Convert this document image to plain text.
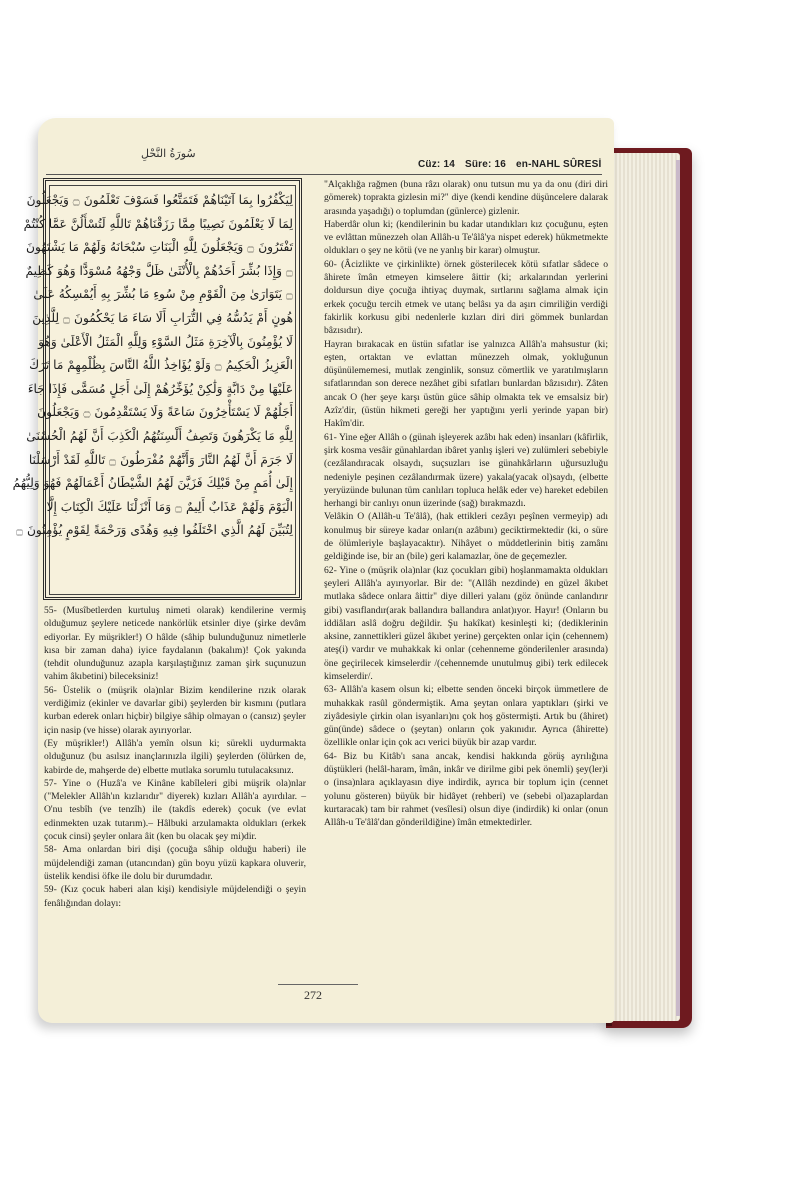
سُورَةُ النَّحْلِ
Cüz: 14 Süre: 16 en-NAHL SÛRESİ
لِيَكْفُرُوا بِمَا آتَيْنَاهُمْ فَتَمَتَّعُوا فَسَوْفَ تَعْلَمُونَ ۝ وَيَجْعَلُونَ
لِمَا لَا يَعْلَمُونَ نَصِيبًا مِمَّا رَزَقْنَاهُمْ تَاللَّهِ لَتُسْأَلُنَّ عَمَّا كُنْتُمْ
تَفْتَرُونَ ۝ وَيَجْعَلُونَ لِلَّهِ الْبَنَاتِ سُبْحَانَهُ وَلَهُمْ مَا يَشْتَهُونَ
۝ وَإِذَا بُشِّرَ أَحَدُهُمْ بِالْأُنْثَىٰ ظَلَّ وَجْهُهُ مُسْوَدًّا وَهُوَ كَظِيمٌ
۝ يَتَوَارَىٰ مِنَ الْقَوْمِ مِنْ سُوءِ مَا بُشِّرَ بِهِ أَيُمْسِكُهُ عَلَىٰ
هُونٍ أَمْ يَدُسُّهُ فِي التُّرَابِ أَلَا سَاءَ مَا يَحْكُمُونَ ۝ لِلَّذِينَ
لَا يُؤْمِنُونَ بِالْآخِرَةِ مَثَلُ السَّوْءِ وَلِلَّهِ الْمَثَلُ الْأَعْلَىٰ وَهُوَ
الْعَزِيزُ الْحَكِيمُ ۝ وَلَوْ يُؤَاخِذُ اللَّهُ النَّاسَ بِظُلْمِهِمْ مَا تَرَكَ
عَلَيْهَا مِنْ دَابَّةٍ وَلَٰكِنْ يُؤَخِّرُهُمْ إِلَىٰ أَجَلٍ مُسَمًّى فَإِذَا جَاءَ
أَجَلُهُمْ لَا يَسْتَأْخِرُونَ سَاعَةً وَلَا يَسْتَقْدِمُونَ ۝ وَيَجْعَلُونَ
لِلَّهِ مَا يَكْرَهُونَ وَتَصِفُ أَلْسِنَتُهُمُ الْكَذِبَ أَنَّ لَهُمُ الْحُسْنَىٰ
لَا جَرَمَ أَنَّ لَهُمُ النَّارَ وَأَنَّهُمْ مُفْرَطُونَ ۝ تَاللَّهِ لَقَدْ أَرْسَلْنَا
إِلَىٰ أُمَمٍ مِنْ قَبْلِكَ فَزَيَّنَ لَهُمُ الشَّيْطَانُ أَعْمَالَهُمْ فَهُوَ وَلِيُّهُمُ
الْيَوْمَ وَلَهُمْ عَذَابٌ أَلِيمٌ ۝ وَمَا أَنْزَلْنَا عَلَيْكَ الْكِتَابَ إِلَّا
لِتُبَيِّنَ لَهُمُ الَّذِي اخْتَلَفُوا فِيهِ وَهُدًى وَرَحْمَةً لِقَوْمٍ يُؤْمِنُونَ ۝

55- (Musîbetlerden kurtuluş nimeti olarak) kendilerine vermiş olduğumuz şeylere neticede nankörlük etsinler diye (şirke devâm ediyorlar. Ey müşrikler!) O hâlde (sâhip bulunduğunuz nimetlerle kısa bir zaman daha) iyice faydalanın (bakalım)! Çok yakında (tehdit olunduğunuz azapla karşılaştığınız zaman şirk suçunuzun vahim âkıbetini) bileceksiniz!

56- Üstelik o (müşrik ola)nlar Bizim kendilerine rızık olarak verdiğimiz (ekinler ve davarlar gibi) şeylerden bir kısmını (putlara kurban ederek onları hiçbir) bilgiye sâhip olmayan o (cansız) şeyler için nasip (ve hisse) olarak ayırıyorlar.

(Ey müşrikler!) Allâh'a yemîn olsun ki; sürekli uydurmakta olduğunuz (bu asılsız inançlarınızla ilgili) şeylerden (ölürken de, kabirde de, mahşerde de) elbette mutlaka sorumlu tutulacaksınız.

57- Yine o (Huzâ'a ve Kinâne kabîleleri gibi müşrik ola)nlar ("Melekler Allâh'ın kızlarıdır" diyerek) kızları Allâh'a ayırdılar. –O'nu tesbîh (ve tenzîh) ile (takdîs ederek) çocuk (ve evlat edinmekten uzak tutarım).– Hâlbuki arzulamakta oldukları (erkek çocuk cinsi) şeyler onlara âit (ken bu olacak şey mi)dir.

58- Ama onlardan biri dişi (çocuğa sâhip olduğu haberi) ile müjdelendiği zaman (utancından) gün boyu yüzü kapkara oluverir, üstelik kendisi öfke ile dolu bir durumdadır.

59- (Kız çocuk haberi alan kişi) kendisiyle müjdelendiği o şeyin fenâlığından dolayı:

"Alçaklığa rağmen (buna râzı olarak) onu tutsun mu ya da onu (diri diri gömerek) toprakta gizlesin mi?" diye (kendi kendine düşüncelere dalarak arasında yaşadığı) o toplumdan (günlerce) gizlenir.

Haberdâr olun ki; (kendilerinin bu kadar utandıkları kız çocuğunu, eşten ve evlâttan münezzeh olan Allâh-u Te'âlâ'ya nispet ederek) hükmetmekte oldukları o şey ne kötü (ve ne yanlış bir karar) olmuştur.

60- (Âcizlikte ve çirkinlikte) örnek gösterilecek kötü sıfatlar sâdece o âhirete îmân etmeyen kimselere âittir (ki; arkalarından yerlerini doldursun diye çocuğa ihtiyaç duymak, sırtlarını sağlama almak için erkek çocuğu tercih etmek ve utanç belâsı ya da aşırı cimriliğin verdiği fakirlik korkusu gibi nedenlerle kızları diri diri gömmek bunlardan bâzısıdır).

Hayran bırakacak en üstün sıfatlar ise yalnızca Allâh'a mahsustur (ki; eşten, ortaktan ve evlattan münezzeh olmak, yokluğunun düşünülememesi, mutlak zenginlik, sonsuz cömertlik ve yaratılmışların sıfatlarından son derece nezâhet gibi sıfatları bunlardan bâzısıdır). Zâten ancak O (her şeye karşı üstün güce sâhip olmakta tek ve emsalsiz bir) Azîz'dir, (üstün hikmeti gereği her yaptığını yerli yerinde yapan bir) Hakîm'dir.

61- Yine eğer Allâh o (günah işleyerek azâbı hak eden) insanları (kâfirlik, şirk kosma vesâir günahlardan ibâret yanlış işleri ve) zulümleri sebebiyle (cezâlandıracak olsaydı, suçsuzları ise günahkârların uğursuzluğu nedeniyle peşinen cezâlandırmak üzere) yakala(yacak ol)saydı, (elbette yeryüzünde bulunan tüm canlıları topluca helâk eder ve) hareket edebilen herhangi bir canlıyı onun üzerinde (sağ) bırakmazdı.

Velâkin O (Allâh-u Te'âlâ), (hak ettikleri cezâyı peşînen vermeyip) adı konulmuş bir süreye kadar onları(n azâbını) geciktirmektedir (ki, o süre de ölümleriyle başlayacaktır). Nihâyet o müddetlerinin bitiş zamânı geldiğinde ise, bir an (bile) geri kalamazlar, öne de geçemezler.

62- Yine o (müşrik ola)nlar (kız çocukları gibi) hoşlanmamakta oldukları şeyleri Allâh'a ayırıyorlar. Bir de: "(Allâh nezdinde) en güzel âkıbet mutlaka sâdece onlara âittir" diye dilleri yalanı (göz önünde canlandırır gibi) vasıflandır(arak ballandıra ballandıra anlat)ıyor. Hayır! (Onların bu iddiâları aslâ doğru değildir. Şu hakîkat) kesinleşti ki; (dediklerinin aksine, zannettikleri güzel âkıbet yerine) gerçekten onlar için (cehennem) ateş(i) vardır ve muhakkak ki onlar (cehenneme gönderilenler arasında) öne geçirilecek kimselerdir /(cehennemde unutulmuş gibi) terk edilecek kimselerdir/.

63- Allâh'a kasem olsun ki; elbette senden önceki birçok ümmetlere de muhakkak rasûl göndermiştik. Ama şeytan onlara yaptıkları (şirki ve ziyâdesiyle çirkin olan isyanları)nı çok hoş göstermişti. Artık bu (âhiret) gün(ünde) sâdece o (şeytan) onların çok yakınıdır. Ayrıca (âhirette) özellikle onlar için çok acı verici büyük bir azap vardır.

64- Biz bu Kitâb'ı sana ancak, kendisi hakkında görüş ayrılığına düştükleri (helâl-haram, îmân, inkâr ve dirilme gibi pek önemli) şey(ler)i o (insa)nlara açıklayasın diye indirdik, ayrıca bir toplum için (cennet yolunu gösteren) büyük bir hidâyet (rehberi) ve (sebebi ol)azaplardan kurtaracak) tam bir rahmet (vesîlesi) olsun diye (indirdik) ki onlar (onun Allâh-u Te'âlâ'dan gönderildiğine) îmân etmektedirler.

272
